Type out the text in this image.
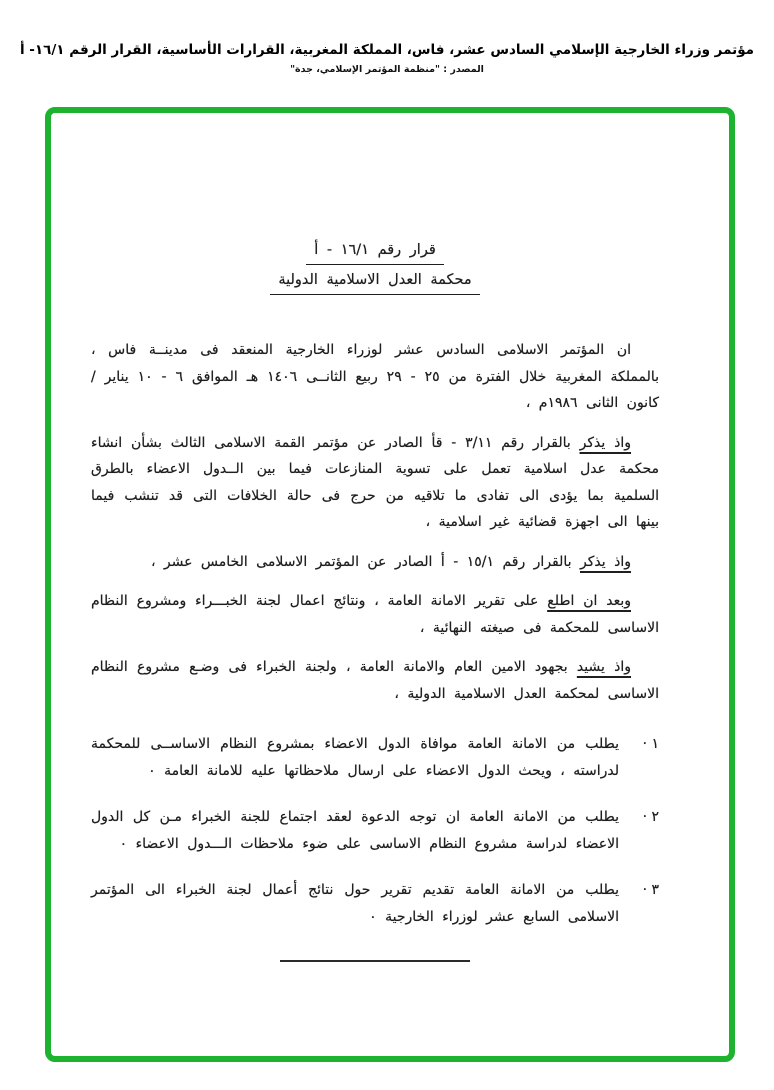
مؤتمر وزراء الخارجية الإسلامي السادس عشر، فاس، المملكة المغربية، القرارات الأساسية، القرار الرقم ١٦/١- أ
المصدر : "منظمة المؤتمر الإسلامي، جدة"
قرار رقم ١٦/١ - أ
محكمة العدل الاسلامية الدولية

ان المؤتمر الاسلامى السادس عشر لوزراء الخارجية المنعقد فى مدينــة فاس ، بالمملكة المغربية خلال الفترة من ٢٥ - ٢٩ ربيع الثانــى ١٤٠٦ هـ الموافق ٦ - ١٠ يناير / كانون الثانى ١٩٨٦م ،

واذ يذكر بالقرار رقم ٣/١١ - قأ الصادر عن مؤتمر القمة الاسلامى الثالث بشأن انشاء محكمة عدل اسلامية تعمل على تسوية المنازعات فيما بين الــدول الاعضاء بالطرق السلمية بما يؤدى الى تفادى ما تلاقيه من حرج فى حالة الخلافات التى قد تنشب فيما بينها الى اجهزة قضائية غير اسلامية ،

واذ يذكر بالقرار رقم ١٥/١ - أ الصادر عن المؤتمر الاسلامى الخامس عشر ،

وبعد ان اطلع على تقرير الامانة العامة ، ونتائج اعمال لجنة الخبـــراء ومشروع النظام الاساسى للمحكمة فى صيغته النهائية ،

واذ يشيد بجهود الامين العام والامانة العامة ، ولجنة الخبراء فى وضـع مشروع النظام الاساسى لمحكمة العدل الاسلامية الدولية ،

١ ·
يطلب من الامانة العامة موافاة الدول الاعضاء بمشروع النظام الاساســى للمحكمة لدراسته ، ويحث الدول الاعضاء على ارسال ملاحظاتها عليه للامانة العامة ٠
٢ ·
يطلب من الامانة العامة ان توجه الدعوة لعقد اجتماع للجنة الخبراء مـن كل الدول الاعضاء لدراسة مشروع النظام الاساسى على ضوء ملاحظات الـــدول الاعضاء ٠
٣ ·
يطلب من الامانة العامة تقديم تقرير حول نتائج أعمال لجنة الخبراء الى المؤتمر الاسلامى السابع عشر لوزراء الخارجية ٠
